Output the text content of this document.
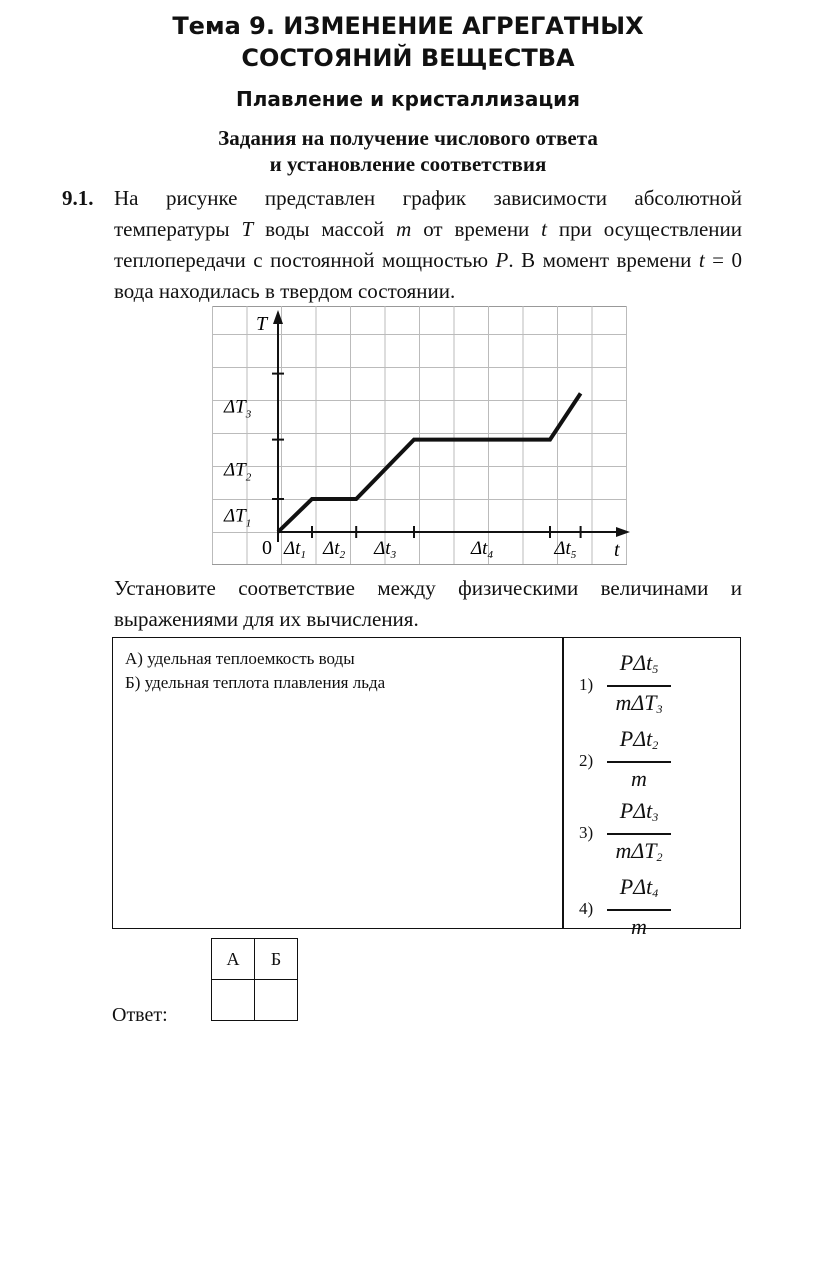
Тема 9. ИЗМЕНЕНИЕ АГРЕГАТНЫХ
СОСТОЯНИЙ ВЕЩЕСТВА
Плавление и кристаллизация
Задания на получение числового ответа
и установление соответствия
9.1. На рисунке представлен график зависимости абсолютной температуры T воды массой m от времени t при осуществлении теплопередачи с постоянной мощностью P. В момент времени t = 0 вода находилась в твердом состоянии.
T
t
0 $\Delta t_1$ $\Delta t_2$ $\Delta t_3$	$\Delta t_4$	$\Delta t_5$
$\Delta T_1$
$\Delta T_2$
$\Delta T_3$
Установите соответствие между физическими величинами и выражениями для их вычисления.
А) удельная теплоемкость воды
Б) удельная теплота плавления льда	1)
PΔt$_5$
mΔT$_3$
2)
PΔt$_2$
m
3)
PΔt$_3$
mΔT$_2$
4)
PΔt$_4$
m
Ответ:
А	Б
